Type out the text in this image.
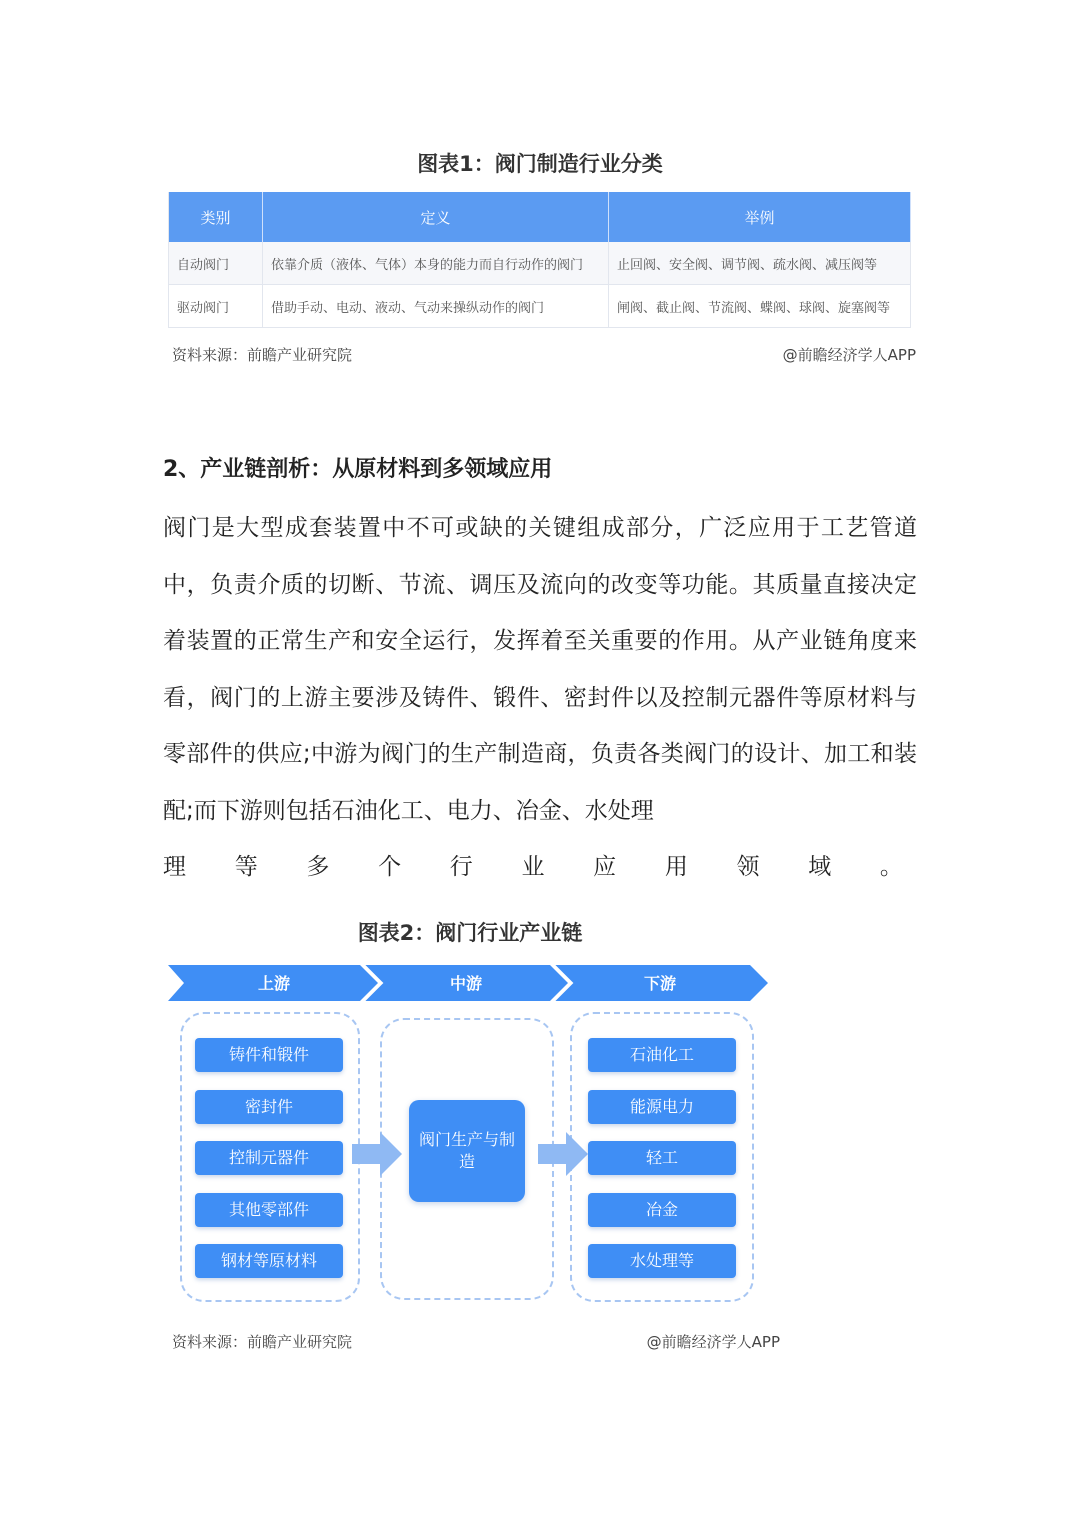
图表1：阀门制造行业分类
类别	定义	举例
自动阀门	依靠介质（液体、气体）本身的能力而自行动作的阀门	止回阀、安全阀、调节阀、疏水阀、减压阀等
驱动阀门	借助手动、电动、液动、气动来操纵动作的阀门	闸阀、截止阀、节流阀、蝶阀、球阀、旋塞阀等
资料来源：前瞻产业研究院	@前瞻经济学人APP
2、产业链剖析：从原材料到多领域应用

阀门是大型成套装置中不可或缺的关键组成部分，广泛应用于工艺管道中，负责介质的切断、节流、调压及流向的改变等功能。其质量直接决定着装置的正常生产和安全运行，发挥着至关重要的作用。从产业链角度来看，阀门的上游主要涉及铸件、锻件、密封件以及控制元器件等原材料与零部件的供应;中游为阀门的生产制造商，负责各类阀门的设计、加工和装配;而下游则包括石油化工、电力、冶金、水处理

理 等 多 个 行 业 应 用 领 域 。
图表2：阀门行业产业链
上游	中游	下游
铸件和锻件
密封件
控制元器件
其他零部件
钢材等原材料
阀门生产与制造
石油化工
能源电力
轻工
冶金
水处理等
资料来源：前瞻产业研究院	@前瞻经济学人APP
